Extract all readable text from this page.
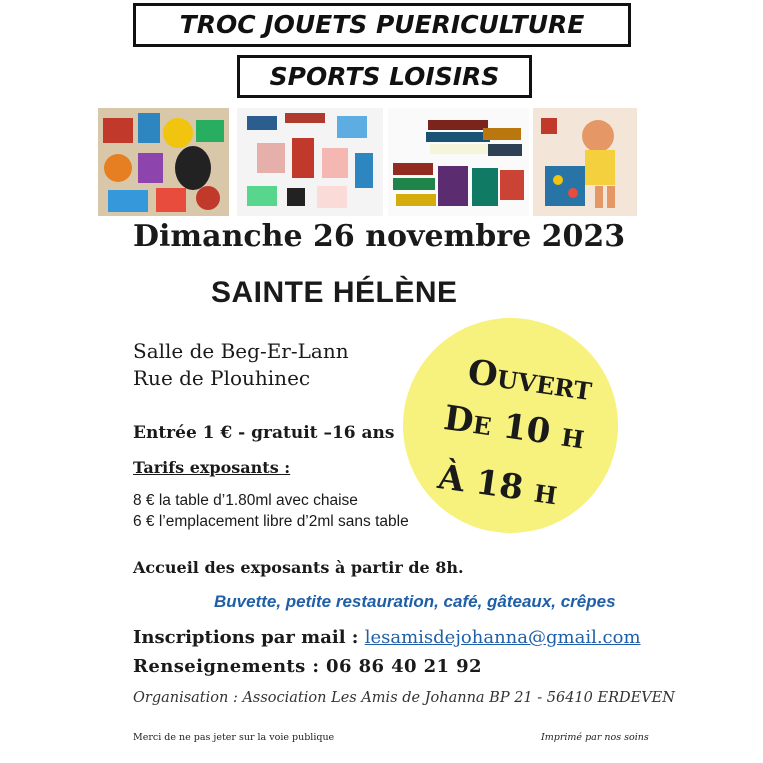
TROC JOUETS PUERICULTURE
SPORTS LOISIRS
Dimanche 26 novembre 2023
SAINTE HÉLÈNE
Ouvert
De 10 h
À 18 h
Salle de Beg-Er-Lann
Rue de Plouhinec
Entrée 1 € - gratuit –16 ans
Tarifs exposants :
8 € la table d’1.80ml avec chaise
6 € l’emplacement libre d’2ml sans table
Accueil des exposants à partir de 8h.
Buvette, petite restauration, café, gâteaux, crêpes
Inscriptions par mail : lesamisdejohanna@gmail.com
Renseignements : 06 86 40 21 92
Organisation : Association Les Amis de Johanna BP 21 - 56410 ERDEVEN
Merci de ne pas jeter sur la voie publique	Imprimé par nos soins
